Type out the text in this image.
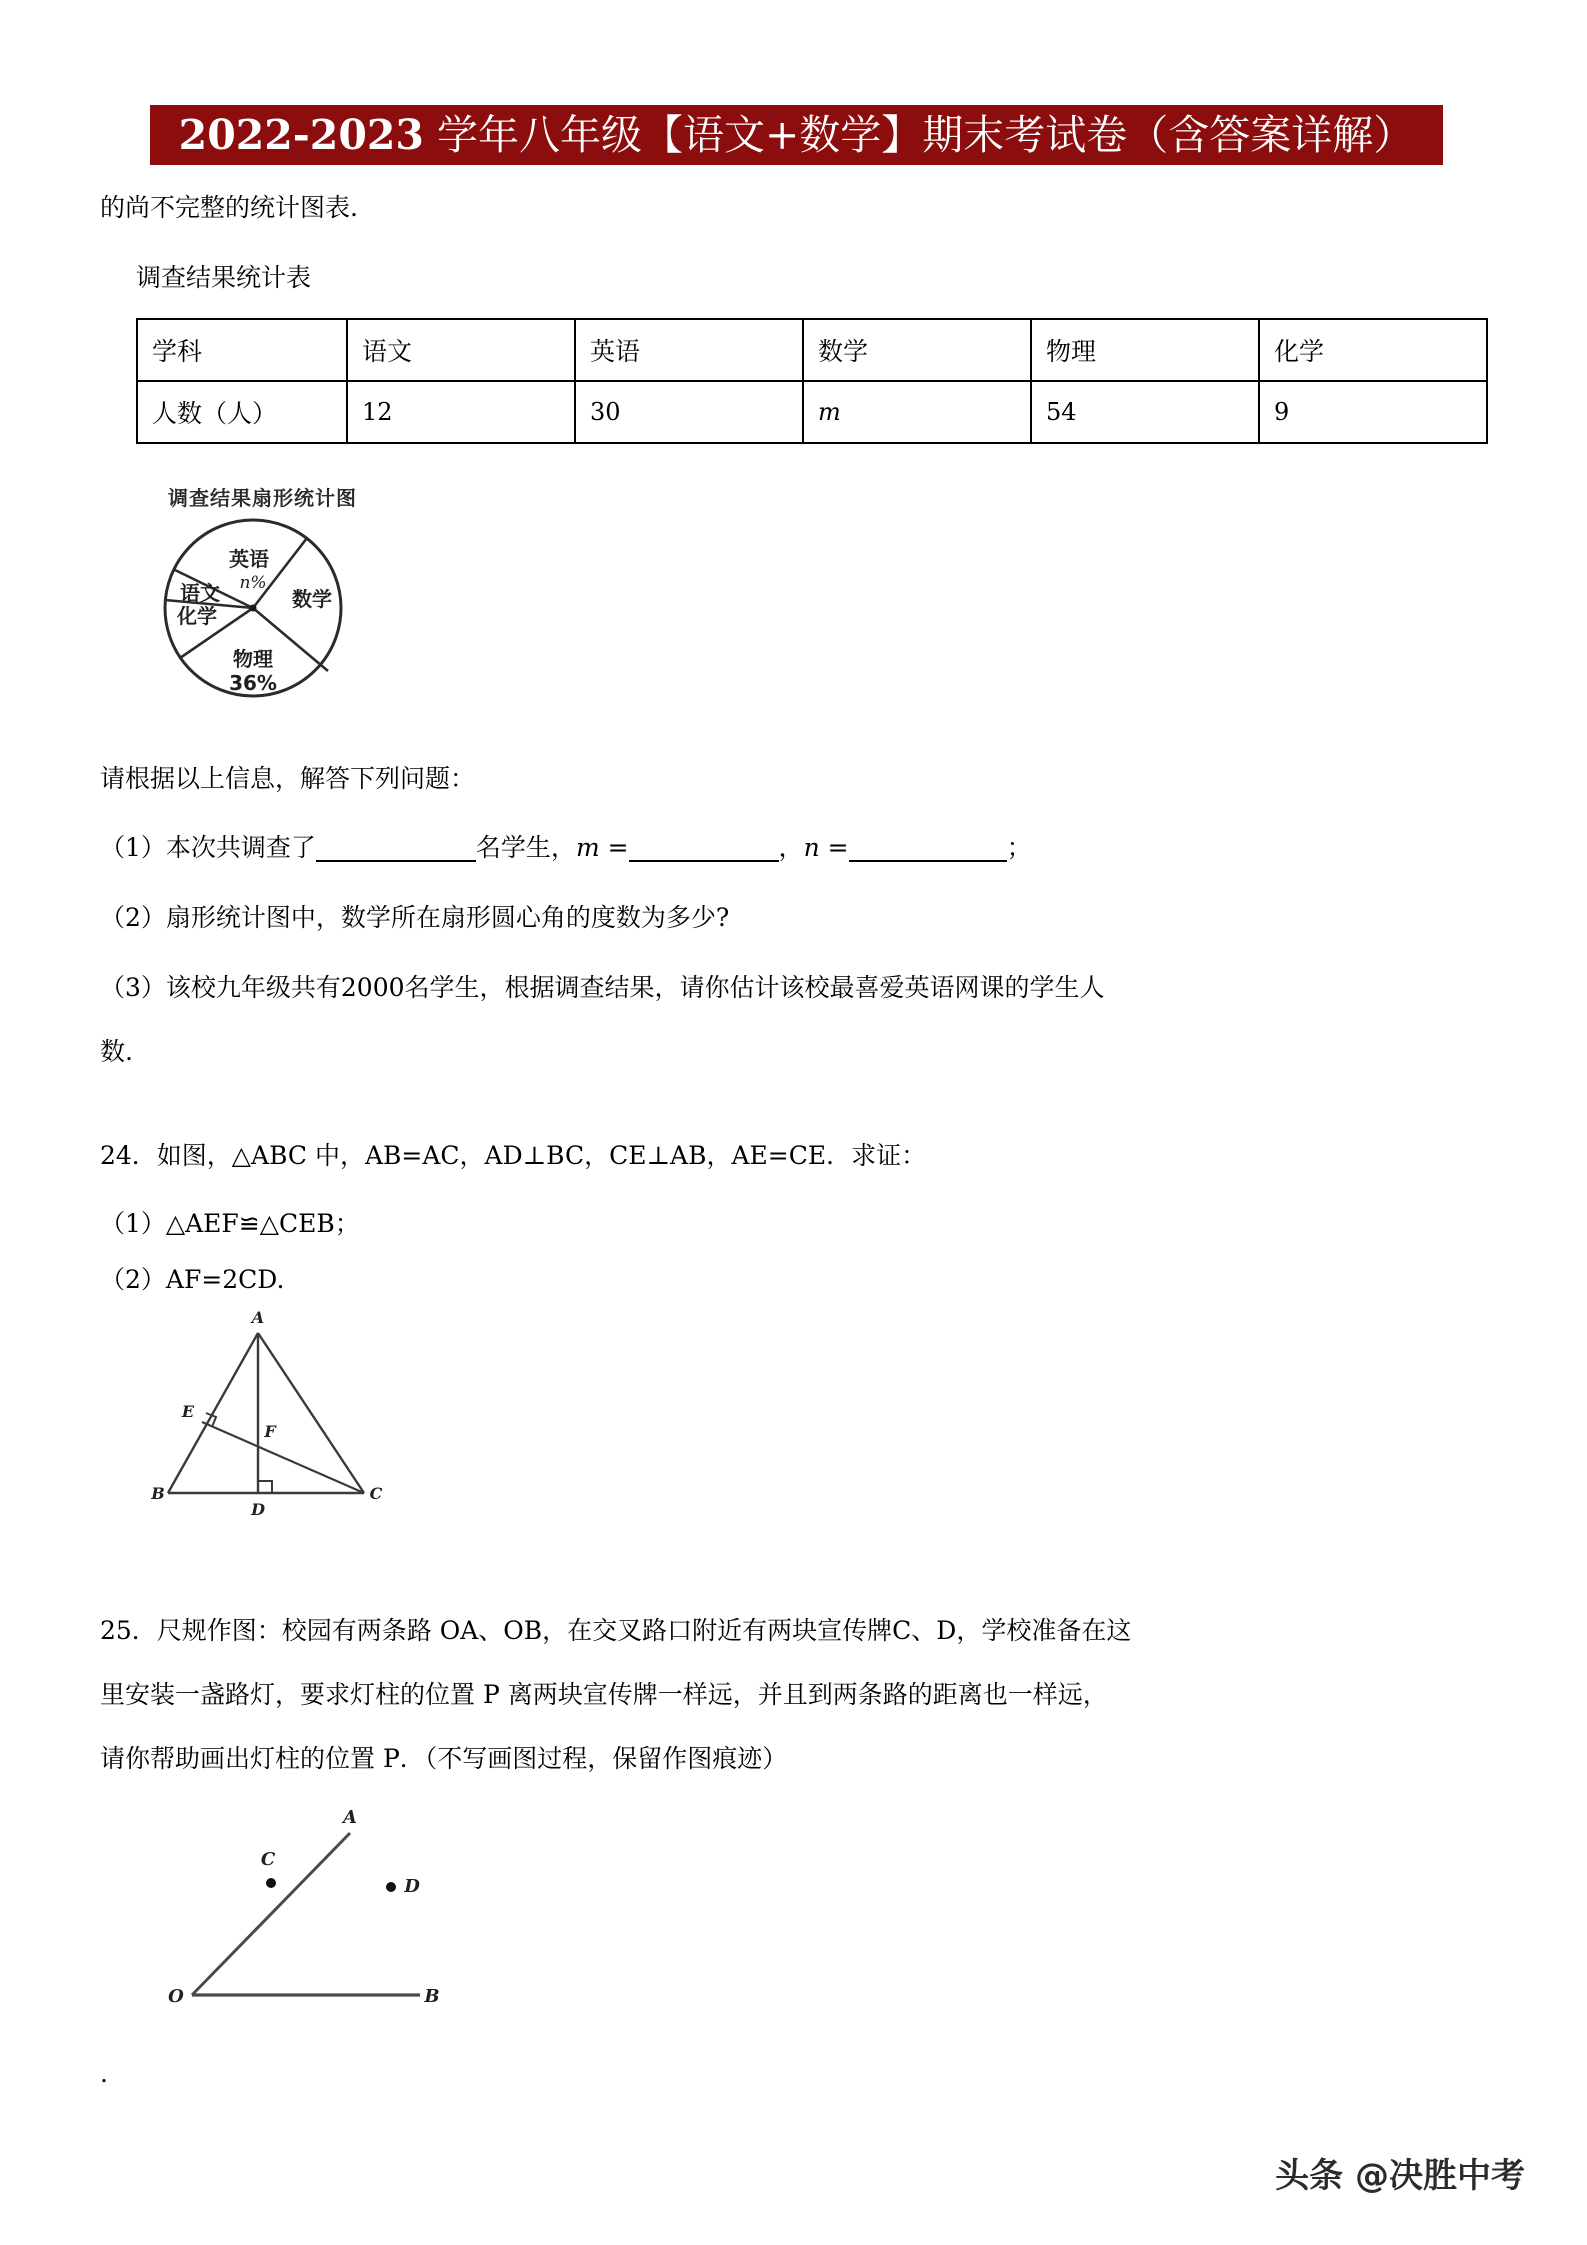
2022-2023 学年八年级【语文+数学】期末考试卷（含答案详解）
的尚不完整的统计图表.
调查结果统计表
学科	语文	英语	数学	物理	化学
人数（人）	12	30	m	54	9
调查结果扇形统计图
英语
n%
数学
语文
化学
物理
36%
请根据以上信息，解答下列问题：
（1）本次共调查了	名学生，m =	，n =	；
（2）扇形统计图中，数学所在扇形圆心角的度数为多少?
（3）该校九年级共有2000名学生，根据调查结果，请你估计该校最喜爱英语网课的学生人
数.
24．如图，△ABC 中，AB=AC，AD⊥BC，CE⊥AB，AE=CE．求证：
（1）△AEF≌△CEB；
（2）AF=2CD.
A
B	C
D
E
F
25．尺规作图：校园有两条路 OA、OB，在交叉路口附近有两块宣传牌C、D，学校准备在这
里安装一盏路灯，要求灯柱的位置 P 离两块宣传牌一样远，并且到两条路的距离也一样远，
请你帮助画出灯柱的位置 P．（不写画图过程，保留作图痕迹）
A
B
O
C
D
.
头条 @决胜中考
